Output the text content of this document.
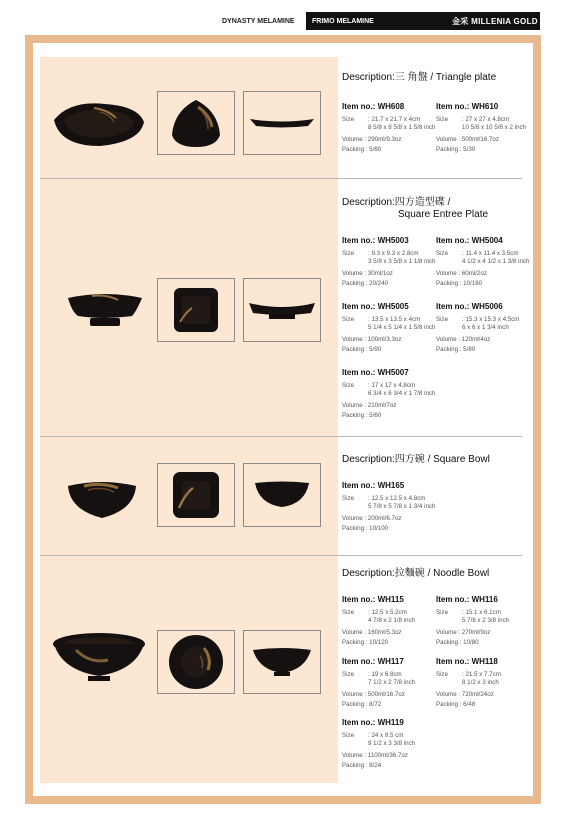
DYNASTY MELAMINE	FRIMO MELAMINE	金采 MILLENIA GOLD
Description:三 角盤 / Triangle plate
Item no.: WH608
Size	: 21.7 x 21.7 x 4cm
8 5/8 x 8 5/8 x 1 5/8 inch
Volume : 290ml/9.3oz
Packing : 5/60
Item no.: WH610
Size	: 27 x 27 x 4.8cm
10 5/8 x 10 5/8 x 2 inch
Volume : 500ml/16.7oz
Packing : 5/30
Description:四方造型碟 /
Square Entree Plate
Item no.: WH5003
Size	: 9.3 x 9.3 x 2.8cm
3 5/8 x 3 5/8 x 1 1/8 inch
Volume : 30ml/1oz
Packing : 20/240
Item no.: WH5004
Size	: 11.4 x 11.4 x 3.5cm
4 1/2 x 4 1/2 x 1 3/8 inch
Volume : 60ml/2oz
Packing : 10/160
Item no.: WH5005
Size	: 13.5 x 13.5 x 4cm
5 1/4 x 5 1/4 x 1 5/8 inch
Volume : 100ml/3.3oz
Packing : 5/90
Item no.: WH5006
Size	: 15.3 x 15.3 x 4.5cm
6 x 6 x 1 3/4 inch
Volume : 120ml/4oz
Packing : 5/80
Item no.: WH5007
Size	: 17 x 17 x 4.8cm
6 3/4 x 6 3/4 x 1 7/8 inch
Volume : 210ml/7oz
Packing : 5/60
Description:四方碗 / Square Bowl
Item no.: WH165
Size	: 12.5 x 12.5 x 4.8cm
5 7/8 x 5 7/8 x 1 3/4 inch
Volume : 200ml/6.7oz
Packing : 10/100
Description:拉麵碗 / Noodle Bowl
Item no.: WH115
Size	: 12.5 x 5.2cm
4 7/8 x 2 1/8 inch
Volume : 160ml/5.3oz
Packing : 10/120
Item no.: WH116
Size	: 15.1 x 6.1cm
5 7/8 x 2 3/8 inch
Volume : 270ml/9oz
Packing : 10/80
Item no.: WH117
Size	: 19 x 6.8cm
7 1/2 x 2 7/8 inch
Volume : 500ml/16.7oz
Packing : 8/72
Item no.: WH118
Size	: 21.5 x 7.7cm
8 1/2 x 3 inch
Volume : 720ml/24oz
Packing : 6/48
Item no.: WH119
Size	: 24 x 8.5 cm
9 1/2 x 3 3/8 inch
Volume : 1100ml/36.7oz
Packing : 8/24
